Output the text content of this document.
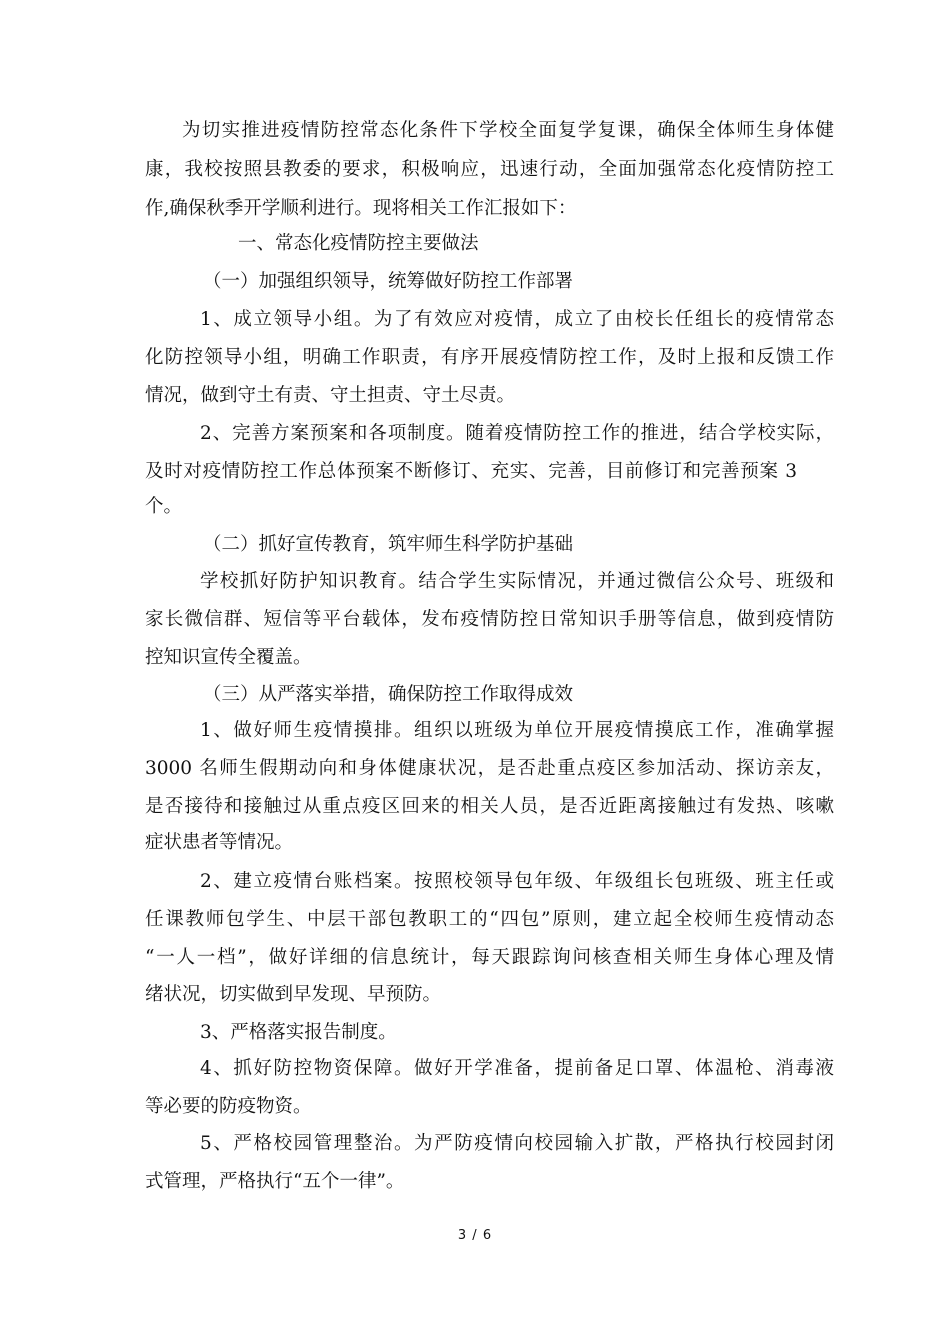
为切实推进疫情防控常态化条件下学校全面复学复课，确保全体师生身体健
康，我校按照县教委的要求，积极响应，迅速行动，全面加强常态化疫情防控工
作,确保秋季开学顺利进行。现将相关工作汇报如下：
一、常态化疫情防控主要做法
（一）加强组织领导，统筹做好防控工作部署
1、成立领导小组。为了有效应对疫情，成立了由校长任组长的疫情常态
化防控领导小组，明确工作职责，有序开展疫情防控工作，及时上报和反馈工作
情况，做到守土有责、守土担责、守土尽责。
2、完善方案预案和各项制度。随着疫情防控工作的推进，结合学校实际，
及时对疫情防控工作总体预案不断修订、充实、完善，目前修订和完善预案 3
个。
（二）抓好宣传教育，筑牢师生科学防护基础
学校抓好防护知识教育。结合学生实际情况，并通过微信公众号、班级和
家长微信群、短信等平台载体，发布疫情防控日常知识手册等信息，做到疫情防
控知识宣传全覆盖。
（三）从严落实举措，确保防控工作取得成效
1、做好师生疫情摸排。组织以班级为单位开展疫情摸底工作，准确掌握
3000 名师生假期动向和身体健康状况，是否赴重点疫区参加活动、探访亲友，
是否接待和接触过从重点疫区回来的相关人员，是否近距离接触过有发热、咳嗽
症状患者等情况。
2、建立疫情台账档案。按照校领导包年级、年级组长包班级、班主任或
任课教师包学生、中层干部包教职工的“四包”原则，建立起全校师生疫情动态
“一人一档”，做好详细的信息统计，每天跟踪询问核查相关师生身体心理及情
绪状况，切实做到早发现、早预防。
3、严格落实报告制度。
4、抓好防控物资保障。做好开学准备，提前备足口罩、体温枪、消毒液
等必要的防疫物资。
5、严格校园管理整治。为严防疫情向校园输入扩散，严格执行校园封闭
式管理，严格执行“五个一律”。
3 / 6
